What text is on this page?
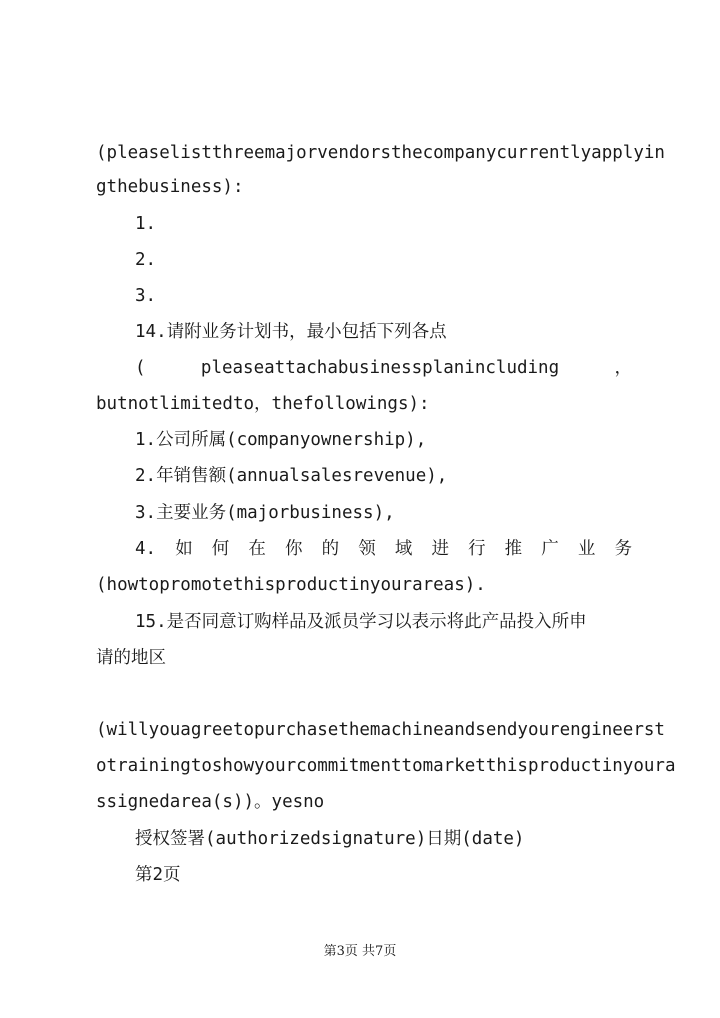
(pleaselistthreemajorvendorsthecompanycurrentlyapplyin
gthebusiness):
1.
2.
3.
14.请附业务计划书，最小包括下列各点
(	pleaseattachabusinessplanincluding	，
butnotlimitedto，thefollowings):
1.公司所属(companyownership),
2.年销售额(annualsalesrevenue),
3.主要业务(majorbusiness),
4. 如 何 在 你 的 领 域 进 行 推 广 业 务
(howtopromotethisproductinyourareas).
15.是否同意订购样品及派员学习以表示将此产品投入所申
请的地区
(willyouagreetopurchasethemachineandsendyourengineerst
otrainingtoshowyourcommitmenttomarketthisproductinyoura
ssignedarea(s))。yesno
授权签署(authorizedsignature)日期(date)
第2页
第3页 共7页
